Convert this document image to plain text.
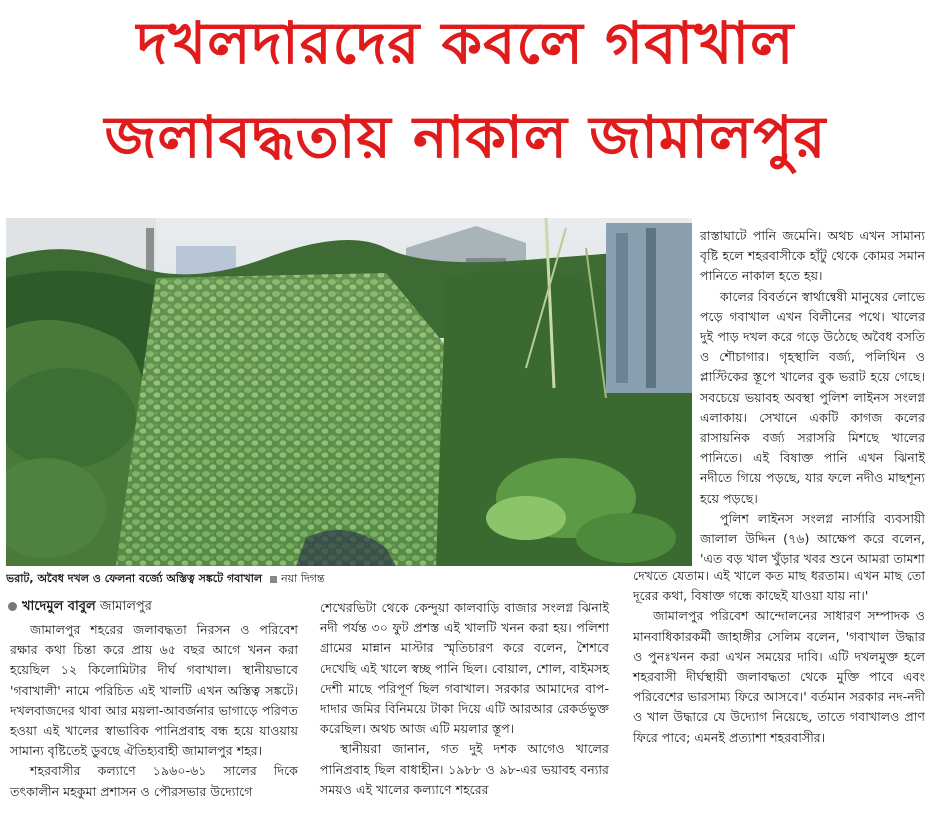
দখলদারদের কবলে গবাখাল
জলাবদ্ধতায় নাকাল জামালপুর
ভরাট, অবৈধ দখল ও ফেলনা বর্জ্যে অস্তিত্ব সঙ্কটে গবাখাল নয়া দিগন্ত
খাদেমুল বাবুল জামালপুর

জামালপুর শহরের জলাবদ্ধতা নিরসন ও পরিবেশ রক্ষার কথা চিন্তা করে প্রায় ৬৫ বছর আগে খনন করা হয়েছিল ১২ কিলোমিটার দীর্ঘ গবাখাল। স্থানীয়ভাবে 'গবাখালী' নামে পরিচিত এই খালটি এখন অস্তিত্ব সঙ্কটে। দখলবাজদের থাবা আর ময়লা-আবর্জনার ভাগাড়ে পরিণত হওয়া এই খালের স্বাভাবিক পানিপ্রবাহ বন্ধ হয়ে যাওয়ায় সামান্য বৃষ্টিতেই ডুবছে ঐতিহ্যবাহী জামালপুর শহর।

শহরবাসীর কল্যাণে ১৯৬০-৬১ সালের দিকে তৎকালীন মহকুমা প্রশাসন ও পৌরসভার উদ্যোগে

শেখেরভিটা থেকে কেন্দুয়া কালবাড়ি বাজার সংলগ্ন ঝিনাই নদী পর্যন্ত ৩০ ফুট প্রশস্ত এই খালটি খনন করা হয়। পলিশা গ্রামের মান্নান মাস্টার স্মৃতিচারণ করে বলেন, শৈশবে দেখেছি এই খালে স্বচ্ছ পানি ছিল। বোয়াল, শোল, বাইমসহ দেশী মাছে পরিপূর্ণ ছিল গবাখাল। সরকার আমাদের বাপ-দাদার জমির বিনিময়ে টাকা দিয়ে এটি আরআর রেকর্ডভুক্ত করেছিল। অথচ আজ এটি ময়লার স্তূপ।

স্থানীয়রা জানান, গত দুই দশক আগেও খালের পানিপ্রবাহ ছিল বাধাহীন। ১৯৮৮ ও ৯৮-এর ভয়াবহ বন্যার সময়ও এই খালের কল্যাণে শহরের

রাস্তাঘাটে পানি জমেনি। অথচ এখন সামান্য বৃষ্টি হলে শহরবাসীকে হাঁটু থেকে কোমর সমান পানিতে নাকাল হতে হয়।

কালের বিবর্তনে স্বার্থান্বেষী মানুষের লোভে পড়ে গবাখাল এখন বিলীনের পথে। খালের দুই পাড় দখল করে গড়ে উঠেছে অবৈধ বসতি ও শৌচাগার। গৃহস্থালি বর্জ্য, পলিথিন ও প্লাস্টিকের স্তূপে খালের বুক ভরাট হয়ে গেছে। সবচেয়ে ভয়াবহ অবস্থা পুলিশ লাইনস সংলগ্ন এলাকায়। সেখানে একটি কাগজ কলের রাসায়নিক বর্জ্য সরাসরি মিশছে খালের পানিতে। এই বিষাক্ত পানি এখন ঝিনাই নদীতে গিয়ে পড়ছে, যার ফলে নদীও মাছশূন্য হয়ে পড়ছে।

পুলিশ লাইনস সংলগ্ন নার্সারি ব্যবসায়ী জালাল উদ্দিন (৭৬) আক্ষেপ করে বলেন, 'এত বড় খাল খুঁড়ার খবর শুনে আমরা তামশা

দেখতে যেতাম। এই খালে কত মাছ ধরতাম। এখন মাছ তো দূরের কথা, বিষাক্ত গন্ধে কাছেই যাওয়া যায় না।'

জামালপুর পরিবেশ আন্দোলনের সাধারণ সম্পাদক ও মানবাধিকারকর্মী জাহাঙ্গীর সেলিম বলেন, 'গবাখাল উদ্ধার ও পুনঃখনন করা এখন সময়ের দাবি। এটি দখলমুক্ত হলে শহরবাসী দীর্ঘস্থায়ী জলাবদ্ধতা থেকে মুক্তি পাবে এবং পরিবেশের ভারসাম্য ফিরে আসবে।' বর্তমান সরকার নদ-নদী ও খাল উদ্ধারে যে উদ্যোগ নিয়েছে, তাতে গবাখালও প্রাণ ফিরে পাবে; এমনই প্রত্যাশা শহরবাসীর।
